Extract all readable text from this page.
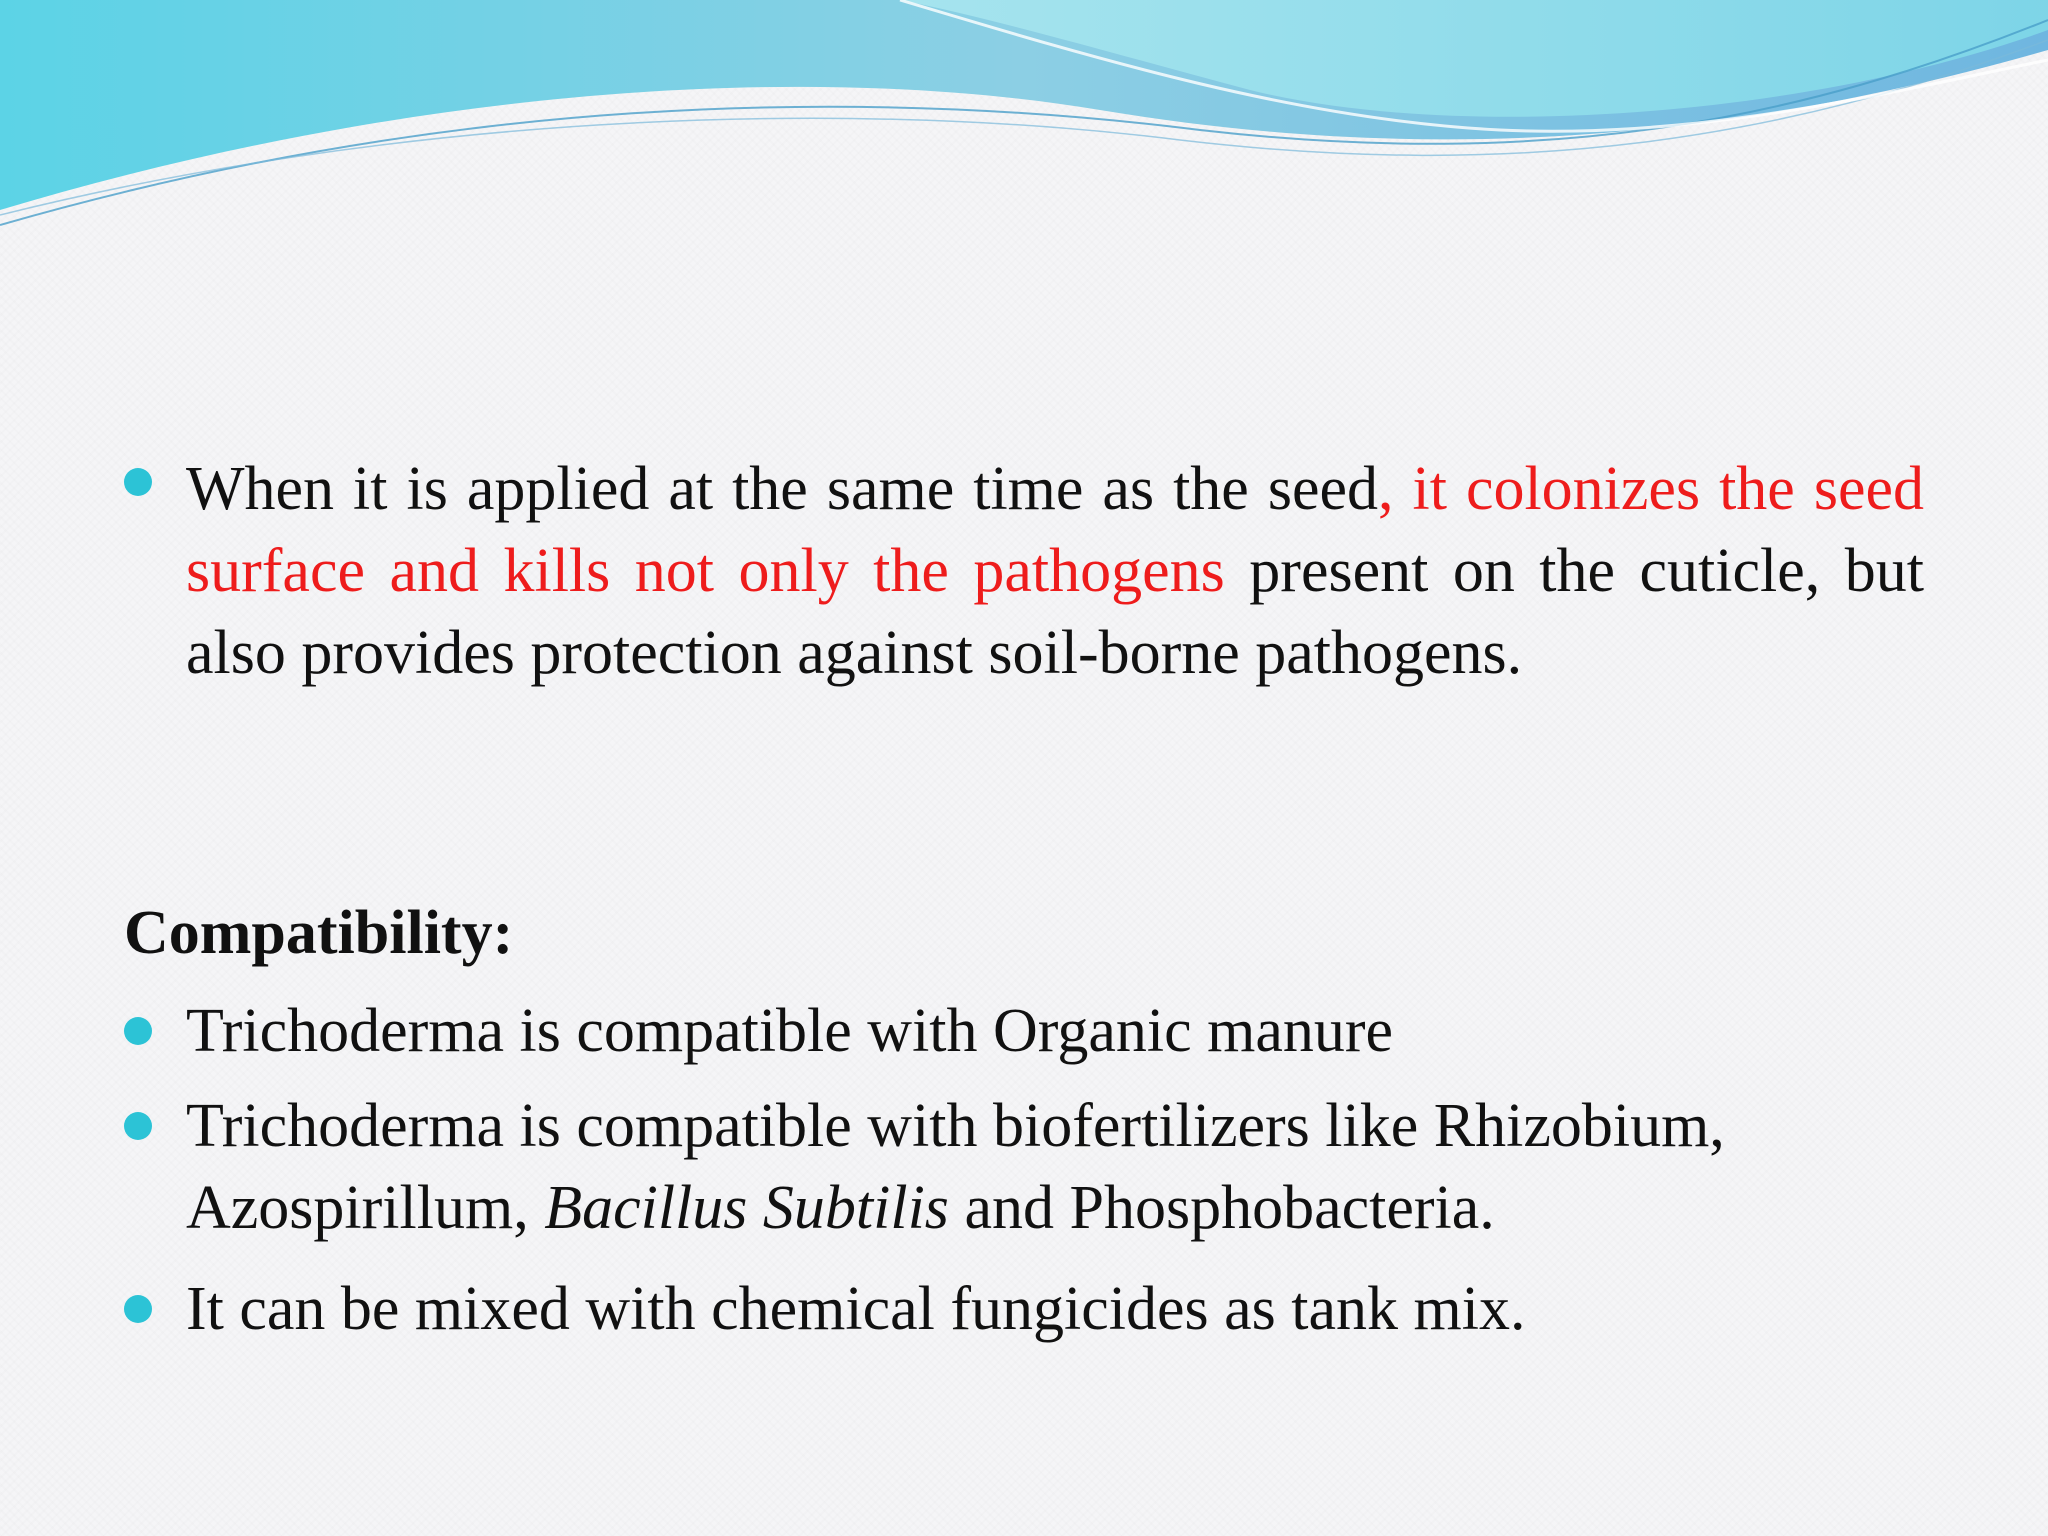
When it is applied at the same time as the seed, it colonizes the seed surface and kills not only the pathogens present on the cuticle, but also provides protection against soil-borne pathogens.

Compatibility:

Trichoderma is compatible with Organic manure

Trichoderma is compatible with biofertilizers like Rhizobium, Azospirillum, Bacillus Subtilis and Phosphobacteria.

It can be mixed with chemical fungicides as tank mix.
